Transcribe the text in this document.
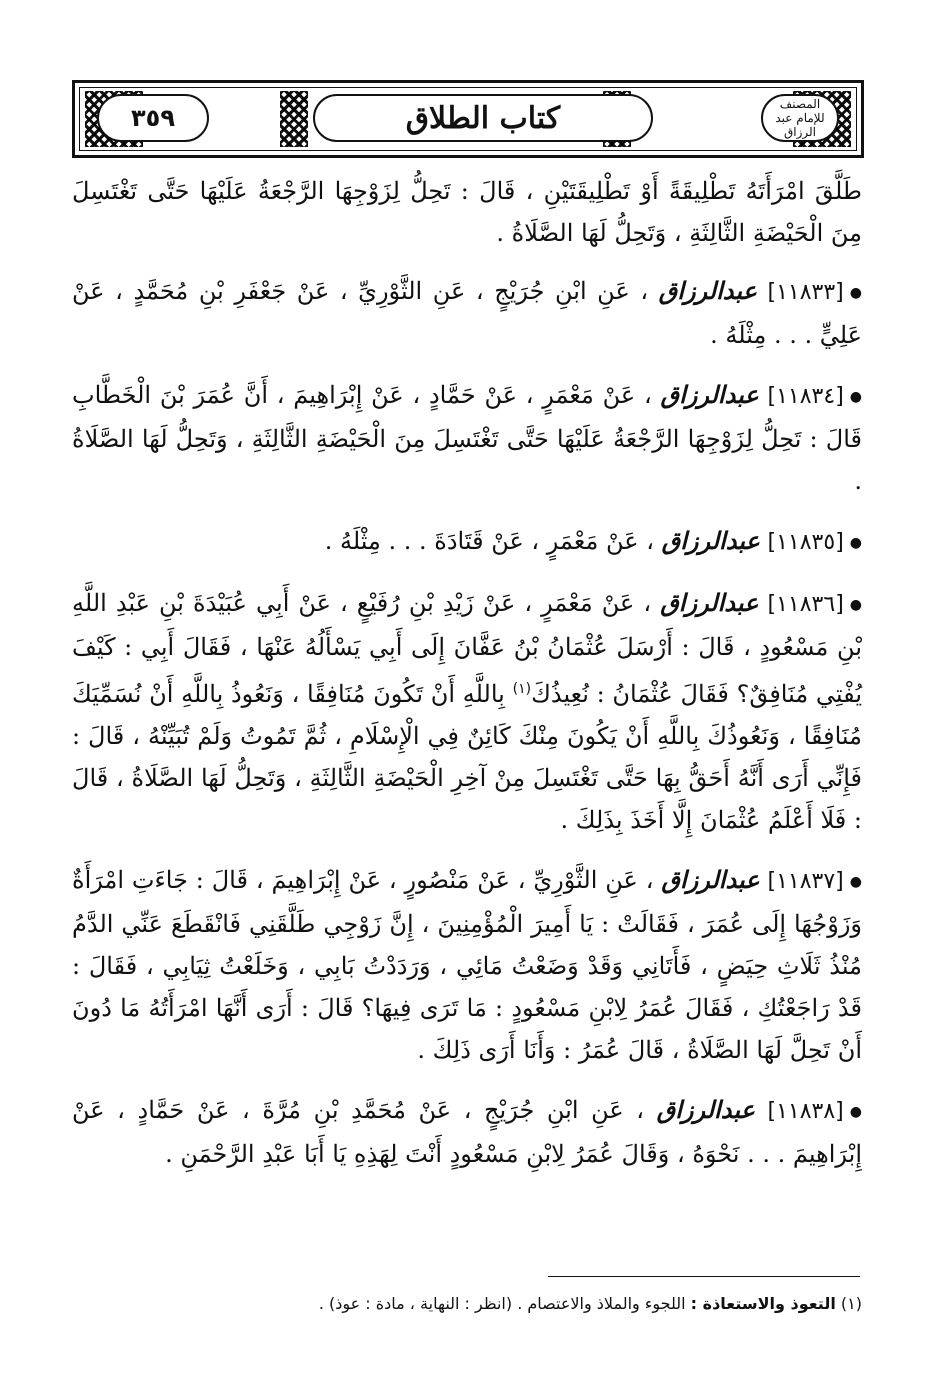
٣٥٩	كتاب الطلاق	المصنف للإمام عبد الرزاق

طَلَّقَ امْرَأَتَهُ تَطْلِيقَةً أَوْ تَطْلِيقَتَيْنِ ، قَالَ : تَحِلُّ لِزَوْجِهَا الرَّجْعَةُ عَلَيْهَا حَتَّى تَغْتَسِلَ مِنَ الْحَيْضَةِ الثَّالِثَةِ ، وَتَحِلُّ لَهَا الصَّلَاةُ .

●[١١٨٣٣] عبدالرزاق ، عَنِ ابْنِ جُرَيْجٍ ، عَنِ الثَّوْرِيِّ ، عَنْ جَعْفَرِ بْنِ مُحَمَّدٍ ، عَنْ عَلِيٍّ . . . مِثْلَهُ .

●[١١٨٣٤] عبدالرزاق ، عَنْ مَعْمَرٍ ، عَنْ حَمَّادٍ ، عَنْ إِبْرَاهِيمَ ، أَنَّ عُمَرَ بْنَ الْخَطَّابِ قَالَ : تَحِلُّ لِزَوْجِهَا الرَّجْعَةُ عَلَيْهَا حَتَّى تَغْتَسِلَ مِنَ الْحَيْضَةِ الثَّالِثَةِ ، وَتَحِلُّ لَهَا الصَّلَاةُ .

●[١١٨٣٥] عبدالرزاق ، عَنْ مَعْمَرٍ ، عَنْ قَتَادَةَ . . . مِثْلَهُ .

●[١١٨٣٦] عبدالرزاق ، عَنْ مَعْمَرٍ ، عَنْ زَيْدِ بْنِ رُفَيْعٍ ، عَنْ أَبِي عُبَيْدَةَ بْنِ عَبْدِ اللَّهِ بْنِ مَسْعُودٍ ، قَالَ : أَرْسَلَ عُثْمَانُ بْنُ عَفَّانَ إِلَى أَبِي يَسْأَلُهُ عَنْهَا ، فَقَالَ أَبِي : كَيْفَ يُفْتِي مُنَافِقٌ؟ فَقَالَ عُثْمَانُ : نُعِيذُكَ$^{(١)}$ بِاللَّهِ أَنْ تَكُونَ مُنَافِقًا ، وَنَعُوذُ بِاللَّهِ أَنْ نُسَمِّيَكَ مُنَافِقًا ، وَنَعُوذُكَ بِاللَّهِ أَنْ يَكُونَ مِنْكَ كَائِنٌ فِي الْإِسْلَامِ ، ثُمَّ تَمُوتُ وَلَمْ تُبَيِّنْهُ ، قَالَ : فَإِنِّي أَرَى أَنَّهُ أَحَقُّ بِهَا حَتَّى تَغْتَسِلَ مِنْ آخِرِ الْحَيْضَةِ الثَّالِثَةِ ، وَتَحِلُّ لَهَا الصَّلَاةُ ، قَالَ : فَلَا أَعْلَمُ عُثْمَانَ إِلَّا أَخَذَ بِذَلِكَ .

●[١١٨٣٧] عبدالرزاق ، عَنِ الثَّوْرِيِّ ، عَنْ مَنْصُورٍ ، عَنْ إِبْرَاهِيمَ ، قَالَ : جَاءَتِ امْرَأَةٌ وَزَوْجُهَا إِلَى عُمَرَ ، فَقَالَتْ : يَا أَمِيرَ الْمُؤْمِنِينَ ، إِنَّ زَوْجِي طَلَّقَنِي فَانْقَطَعَ عَنِّي الدَّمُ مُنْذُ ثَلَاثِ حِيَضٍ ، فَأَتَانِي وَقَدْ وَضَعْتُ مَائِي ، وَرَدَدْتُ بَابِي ، وَخَلَعْتُ ثِيَابِي ، فَقَالَ : قَدْ رَاجَعْتُكِ ، فَقَالَ عُمَرُ لِابْنِ مَسْعُودٍ : مَا تَرَى فِيهَا؟ قَالَ : أَرَى أَنَّهَا امْرَأَتُهُ مَا دُونَ أَنْ تَحِلَّ لَهَا الصَّلَاةُ ، قَالَ عُمَرُ : وَأَنَا أَرَى ذَلِكَ .

●[١١٨٣٨] عبدالرزاق ، عَنِ ابْنِ جُرَيْجٍ ، عَنْ مُحَمَّدِ بْنِ مُرَّةَ ، عَنْ حَمَّادٍ ، عَنْ إِبْرَاهِيمَ . . . نَحْوَهُ ، وَقَالَ عُمَرُ لِابْنِ مَسْعُودٍ أَنْتَ لِهَذِهِ يَا أَبَا عَبْدِ الرَّحْمَنِ .

(١) التعوذ والاستعاذة : اللجوء والملاذ والاعتصام . (انظر : النهاية ، مادة : عوذ) .
